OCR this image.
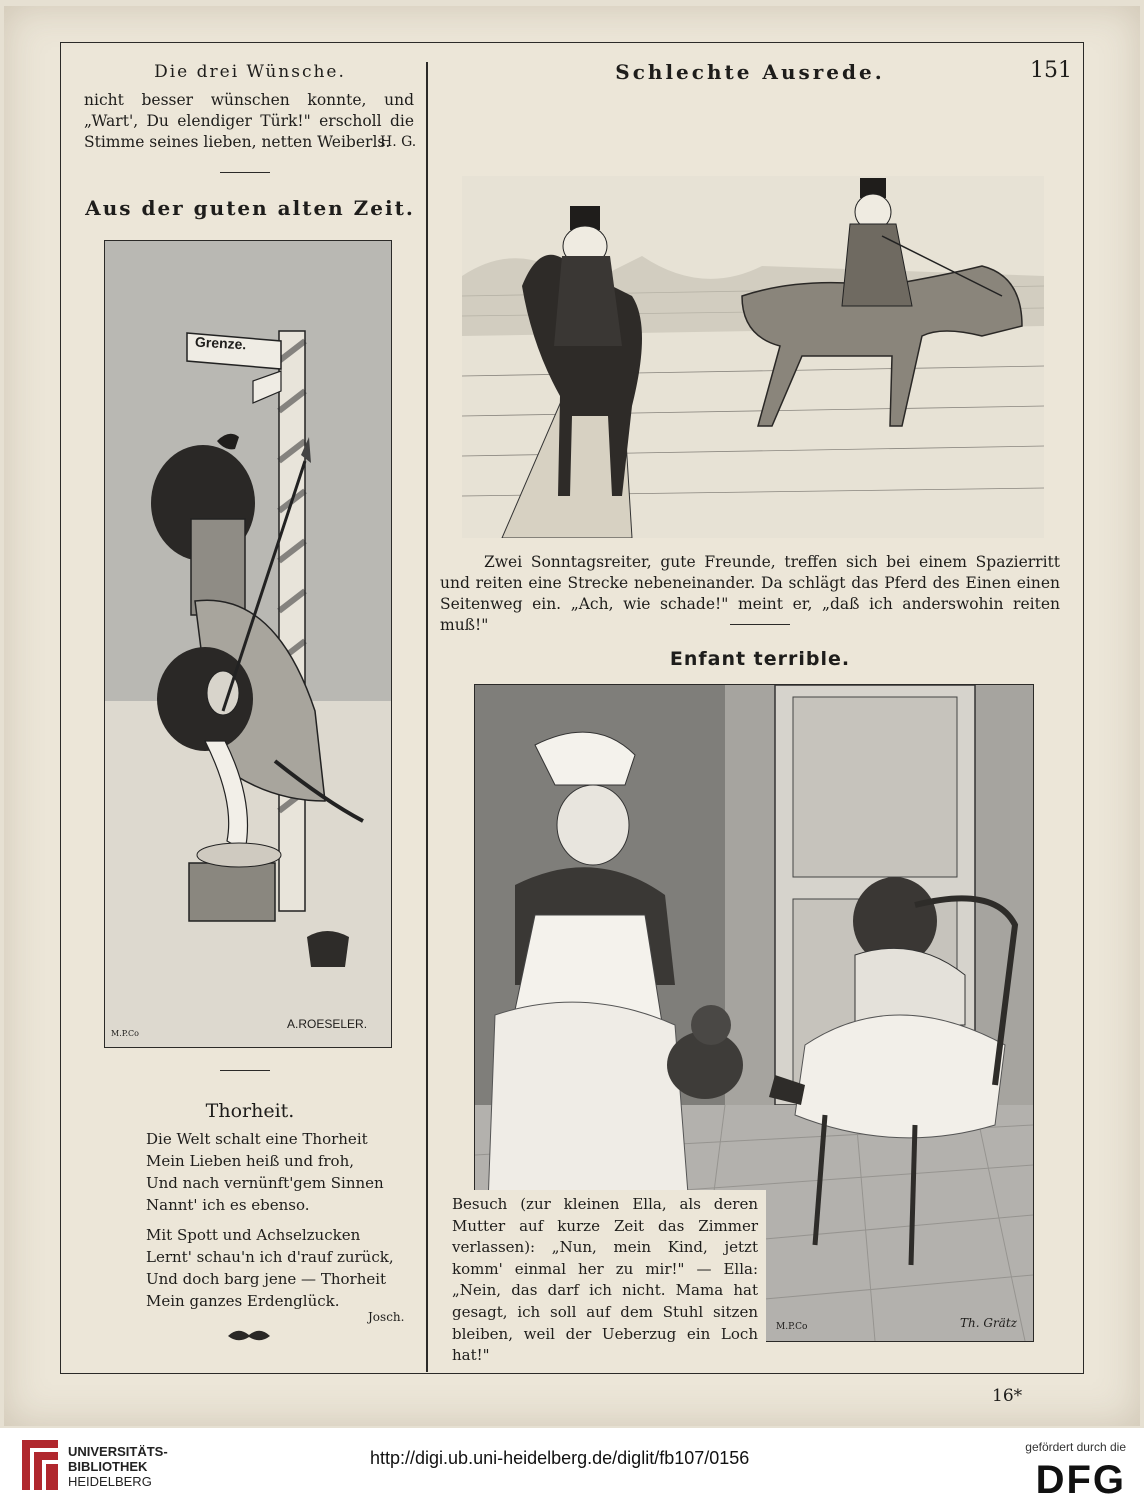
Die drei Wünsche.	Schlechte Ausrede.	151
nicht besser wünschen konnte, und „Wart', Du elendiger Türk!" erscholl die Stimme seines lieben, netten Weiberls.
H. G.
Aus der guten alten Zeit.
Grenze.
A.ROESELER.
M.P.Co
Thorheit.
Die Welt schalt eine Thorheit
Mein Lieben heiß und froh,
Und nach vernünft'gem Sinnen
Nannt' ich es ebenso.
Mit Spott und Achselzucken
Lernt' schau'n ich d'rauf zurück,
Und doch barg jene — Thorheit
Mein ganzes Erdenglück.
Josch.
Zwei Sonntagsreiter, gute Freunde, treffen sich bei einem Spazierritt und reiten eine Strecke nebeneinander. Da schlägt das Pferd des Einen einen Seitenweg ein. „Ach, wie schade!" meint er, „daß ich anderswohin reiten muß!"
Enfant terrible.
Besuch (zur kleinen Ella, als deren Mutter auf kurze Zeit das Zimmer verlassen): „Nun, mein Kind, jetzt komm' einmal her zu mir!" — Ella: „Nein, das darf ich nicht. Mama hat gesagt, ich soll auf dem Stuhl sitzen bleiben, weil der Ueberzug ein Loch hat!"
M.P.Co	Th. Grätz
16*
UNIVERSITÄTS-
BIBLIOTHEK
HEIDELBERG
http://digi.ub.uni-heidelberg.de/diglit/fb107/0156
gefördert durch die
DFG
